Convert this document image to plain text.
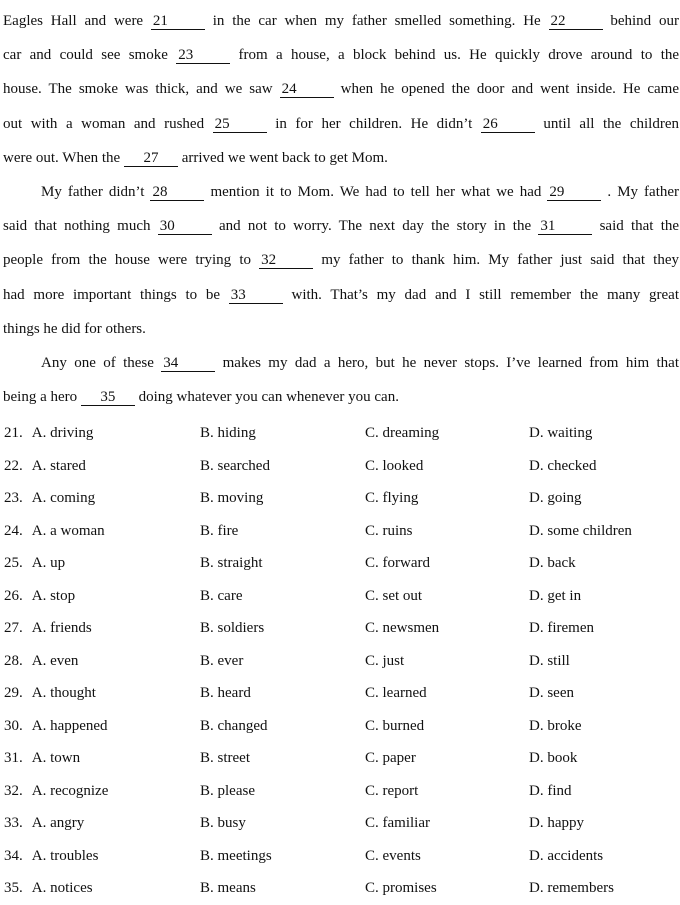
Eagles Hall and were 21	in the car when my father smelled something. He 22	behind our
car and could see smoke 23	from a house, a block behind us. He quickly drove around to the
house. The smoke was thick, and we saw 24	when he opened the door and went inside. He came
out with a woman and rushed 25	in for her children. He didn’t 26	until all the children
were out. When the 27 arrived we went back to get Mom.
My father didn’t 28	mention it to Mom. We had to tell her what we had 29	. My father
said that nothing much 30	and not to worry. The next day the story in the 31	said that the
people from the house were trying to 32	my father to thank him. My father just said that they
had more important things to be 33	with. That’s my dad and I still remember the many great
things he did for others.
Any one of these 34	makes my dad a hero, but he never stops. I’ve learned from him that
being a hero 35 doing whatever you can whenever you can.
21. A. driving	B. hiding	C. dreaming	D. waiting
22. A. stared	B. searched	C. looked	D. checked
23. A. coming	B. moving	C. flying	D. going
24. A. a woman	B. fire	C. ruins	D. some children
25. A. up	B. straight	C. forward	D. back
26. A. stop	B. care	C. set out	D. get in
27. A. friends	B. soldiers	C. newsmen	D. firemen
28. A. even	B. ever	C. just	D. still
29. A. thought	B. heard	C. learned	D. seen
30. A. happened	B. changed	C. burned	D. broke
31. A. town	B. street	C. paper	D. book
32. A. recognize	B. please	C. report	D. find
33. A. angry	B. busy	C. familiar	D. happy
34. A. troubles	B. meetings	C. events	D. accidents
35. A. notices	B. means	C. promises	D. remembers
